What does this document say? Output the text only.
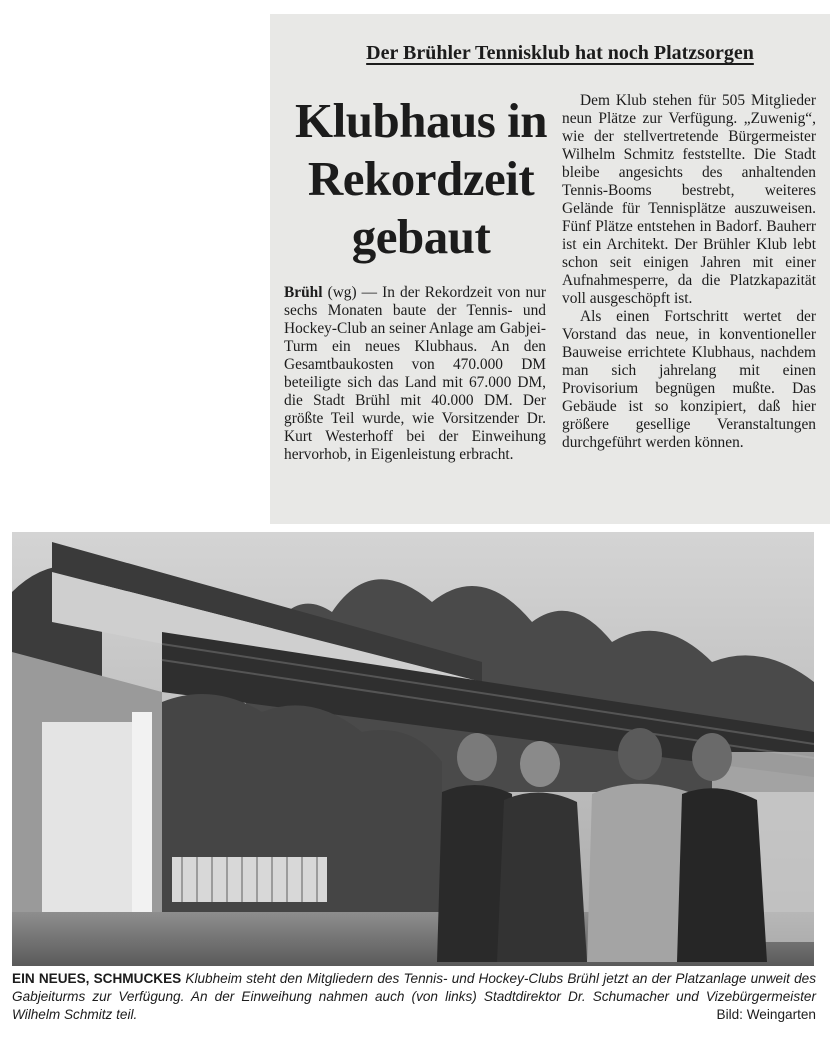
Der Brühler Tennisklub hat noch Platzsorgen
Klubhaus in
Rekordzeit
gebaut

Brühl (wg) — In der Rekordzeit von nur sechs Monaten baute der Tennis- und Hockey-Club an seiner Anlage am Gabjei-Turm ein neues Klubhaus. An den Gesamtbaukosten von 470.000 DM beteiligte sich das Land mit 67.000 DM, die Stadt Brühl mit 40.000 DM. Der größte Teil wurde, wie Vorsitzender Dr. Kurt Westerhoff bei der Einweihung hervorhob, in Eigenleistung erbracht.

Dem Klub stehen für 505 Mitglieder neun Plätze zur Verfügung. „Zuwenig“, wie der stellvertretende Bürgermeister Wilhelm Schmitz feststellte. Die Stadt bleibe angesichts des anhaltenden Tennis-Booms bestrebt, weiteres Gelände für Tennisplätze auszuweisen. Fünf Plätze entstehen in Badorf. Bauherr ist ein Architekt. Der Brühler Klub lebt schon seit einigen Jahren mit einer Aufnahmesperre, da die Platzkapazität voll ausgeschöpft ist.

Als einen Fortschritt wertet der Vorstand das neue, in konventioneller Bauweise errichtete Klubhaus, nachdem man sich jahrelang mit einen Provisorium begnügen mußte. Das Gebäude ist so konzipiert, daß hier größere gesellige Veranstaltungen durchgeführt werden können.

EIN NEUES, SCHMUCKES Klubheim steht den Mitgliedern des Tennis- und Hockey-Clubs Brühl jetzt an der Platzanlage unweit des Gabjeiturms zur Verfügung. An der Einweihung nahmen auch (von links) Stadtdirektor Dr. Schumacher und Vizebürgermeister Wilhelm Schmitz teil.	Bild: Weingarten
